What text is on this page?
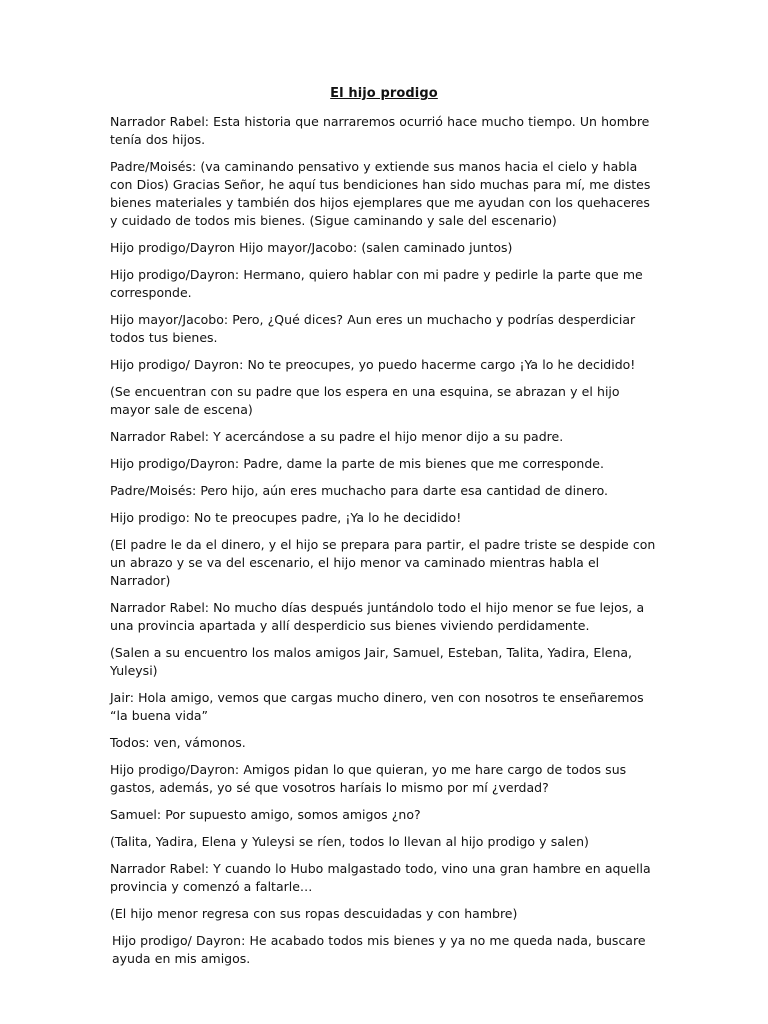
El hijo prodigo

Narrador Rabel: Esta historia que narraremos ocurrió hace mucho tiempo. Un hombre tenía dos hijos.

Padre/Moisés: (va caminando pensativo y extiende sus manos hacia el cielo y habla con Dios) Gracias Señor, he aquí tus bendiciones han sido muchas para mí, me distes bienes materiales y también dos hijos ejemplares que me ayudan con los quehaceres y cuidado de todos mis bienes. (Sigue caminando y sale del escenario)

Hijo prodigo/Dayron Hijo mayor/Jacobo: (salen caminado juntos)

Hijo prodigo/Dayron: Hermano, quiero hablar con mi padre y pedirle la parte que me corresponde.

Hijo mayor/Jacobo: Pero, ¿Qué dices? Aun eres un muchacho y podrías desperdiciar todos tus bienes.

Hijo prodigo/ Dayron: No te preocupes, yo puedo hacerme cargo ¡Ya lo he decidido!

(Se encuentran con su padre que los espera en una esquina, se abrazan y el hijo mayor sale de escena)

Narrador Rabel: Y acercándose a su padre el hijo menor dijo a su padre.

Hijo prodigo/Dayron: Padre, dame la parte de mis bienes que me corresponde.

Padre/Moisés: Pero hijo, aún eres muchacho para darte esa cantidad de dinero.

Hijo prodigo: No te preocupes padre, ¡Ya lo he decidido!

(El padre le da el dinero, y el hijo se prepara para partir, el padre triste se despide con un abrazo y se va del escenario, el hijo menor va caminado mientras habla el Narrador)

Narrador Rabel: No mucho días después juntándolo todo el hijo menor se fue lejos, a una provincia apartada y allí desperdicio sus bienes viviendo perdidamente.

(Salen a su encuentro los malos amigos Jair, Samuel, Esteban, Talita, Yadira, Elena, Yuleysi)

Jair: Hola amigo, vemos que cargas mucho dinero, ven con nosotros te enseñaremos “la buena vida”

Todos: ven, vámonos.

Hijo prodigo/Dayron: Amigos pidan lo que quieran, yo me hare cargo de todos sus gastos, además, yo sé que vosotros haríais lo mismo por mí ¿verdad?

Samuel: Por supuesto amigo, somos amigos ¿no?

(Talita, Yadira, Elena y Yuleysi se ríen, todos lo llevan al hijo prodigo y salen)

Narrador Rabel: Y cuando lo Hubo malgastado todo, vino una gran hambre en aquella provincia y comenzó a faltarle…

(El hijo menor regresa con sus ropas descuidadas y con hambre)

Hijo prodigo/ Dayron: He acabado todos mis bienes y ya no me queda nada, buscare ayuda en mis amigos.
